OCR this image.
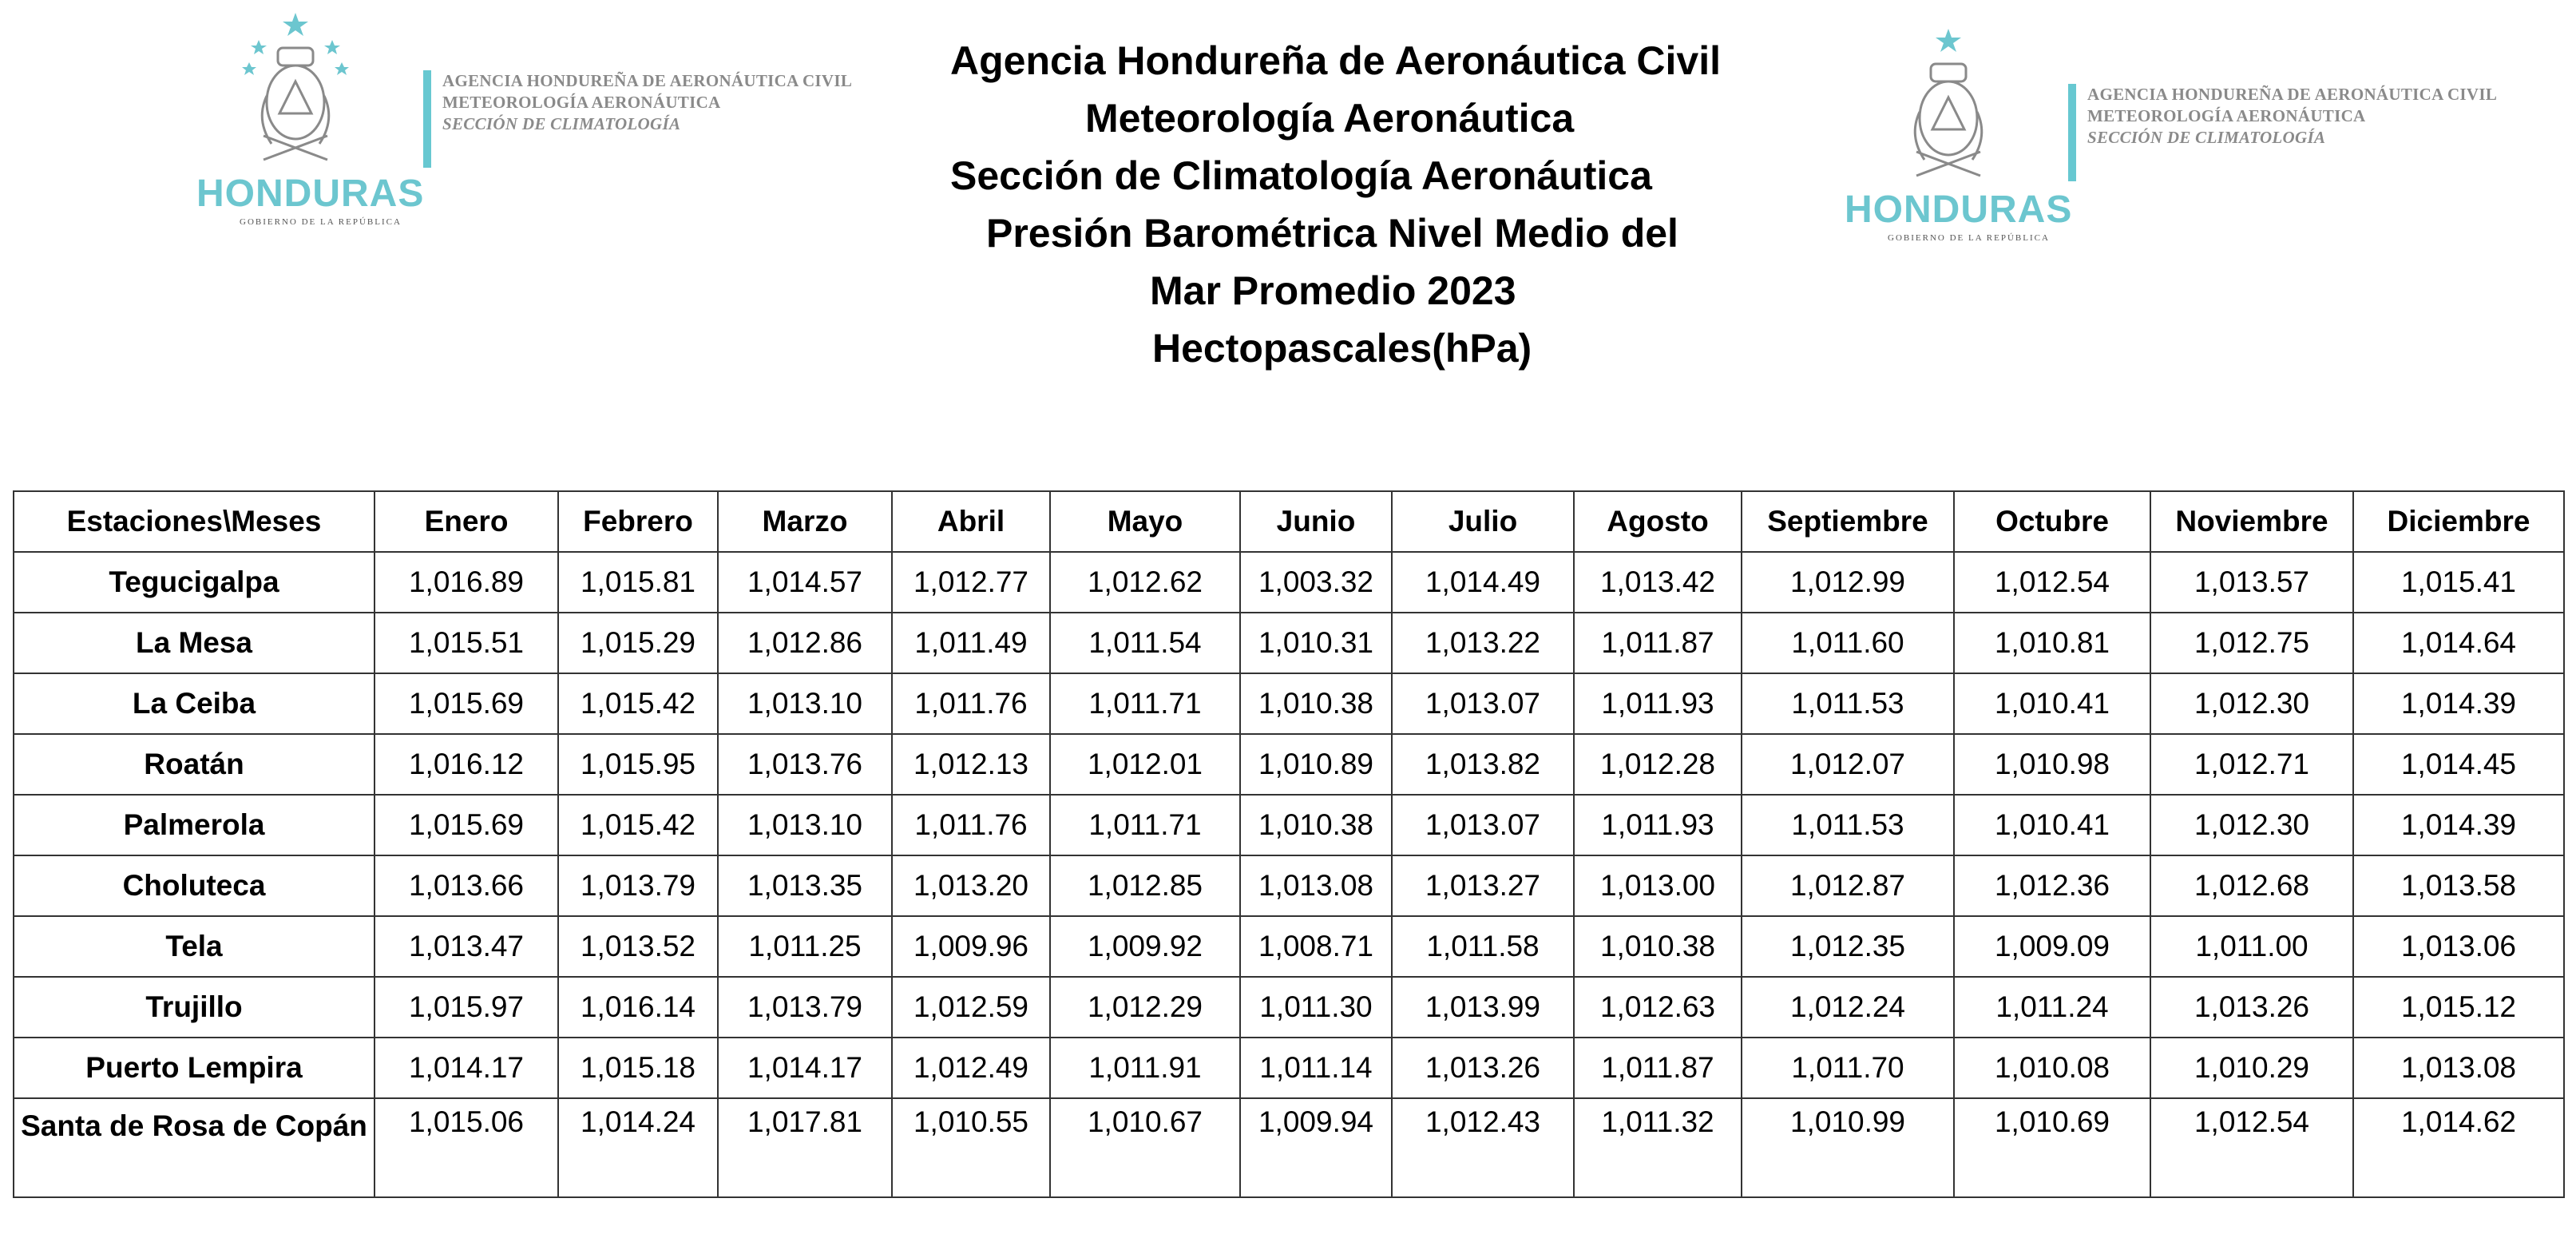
HONDURAS
GOBIERNO DE LA REPÚBLICA
AGENCIA HONDUREÑA DE AERONÁUTICA CIVIL
METEOROLOGÍA AERONÁUTICA
SECCIÓN DE CLIMATOLOGÍA
Agencia Hondureña de Aeronáutica Civil
Meteorología Aeronáutica
Sección de Climatología Aeronáutica
Presión Barométrica Nivel Medio del
Mar Promedio 2023
Hectopascales(hPa)
HONDURAS
GOBIERNO DE LA REPÚBLICA
AGENCIA HONDUREÑA DE AERONÁUTICA CIVIL
METEOROLOGÍA AERONÁUTICA
SECCIÓN DE CLIMATOLOGÍA
Estaciones\Meses	Enero	Febrero	Marzo	Abril	Mayo	Junio	Julio	Agosto	Septiembre	Octubre	Noviembre	Diciembre
Tegucigalpa	1,016.89	1,015.81	1,014.57	1,012.77	1,012.62	1,003.32	1,014.49	1,013.42	1,012.99	1,012.54	1,013.57	1,015.41
La Mesa	1,015.51	1,015.29	1,012.86	1,011.49	1,011.54	1,010.31	1,013.22	1,011.87	1,011.60	1,010.81	1,012.75	1,014.64
La Ceiba	1,015.69	1,015.42	1,013.10	1,011.76	1,011.71	1,010.38	1,013.07	1,011.93	1,011.53	1,010.41	1,012.30	1,014.39
Roatán	1,016.12	1,015.95	1,013.76	1,012.13	1,012.01	1,010.89	1,013.82	1,012.28	1,012.07	1,010.98	1,012.71	1,014.45
Palmerola	1,015.69	1,015.42	1,013.10	1,011.76	1,011.71	1,010.38	1,013.07	1,011.93	1,011.53	1,010.41	1,012.30	1,014.39
Choluteca	1,013.66	1,013.79	1,013.35	1,013.20	1,012.85	1,013.08	1,013.27	1,013.00	1,012.87	1,012.36	1,012.68	1,013.58
Tela	1,013.47	1,013.52	1,011.25	1,009.96	1,009.92	1,008.71	1,011.58	1,010.38	1,012.35	1,009.09	1,011.00	1,013.06
Trujillo	1,015.97	1,016.14	1,013.79	1,012.59	1,012.29	1,011.30	1,013.99	1,012.63	1,012.24	1,011.24	1,013.26	1,015.12
Puerto Lempira	1,014.17	1,015.18	1,014.17	1,012.49	1,011.91	1,011.14	1,013.26	1,011.87	1,011.70	1,010.08	1,010.29	1,013.08
Santa de Rosa de Copán	1,015.06	1,014.24	1,017.81	1,010.55	1,010.67	1,009.94	1,012.43	1,011.32	1,010.99	1,010.69	1,012.54	1,014.62
